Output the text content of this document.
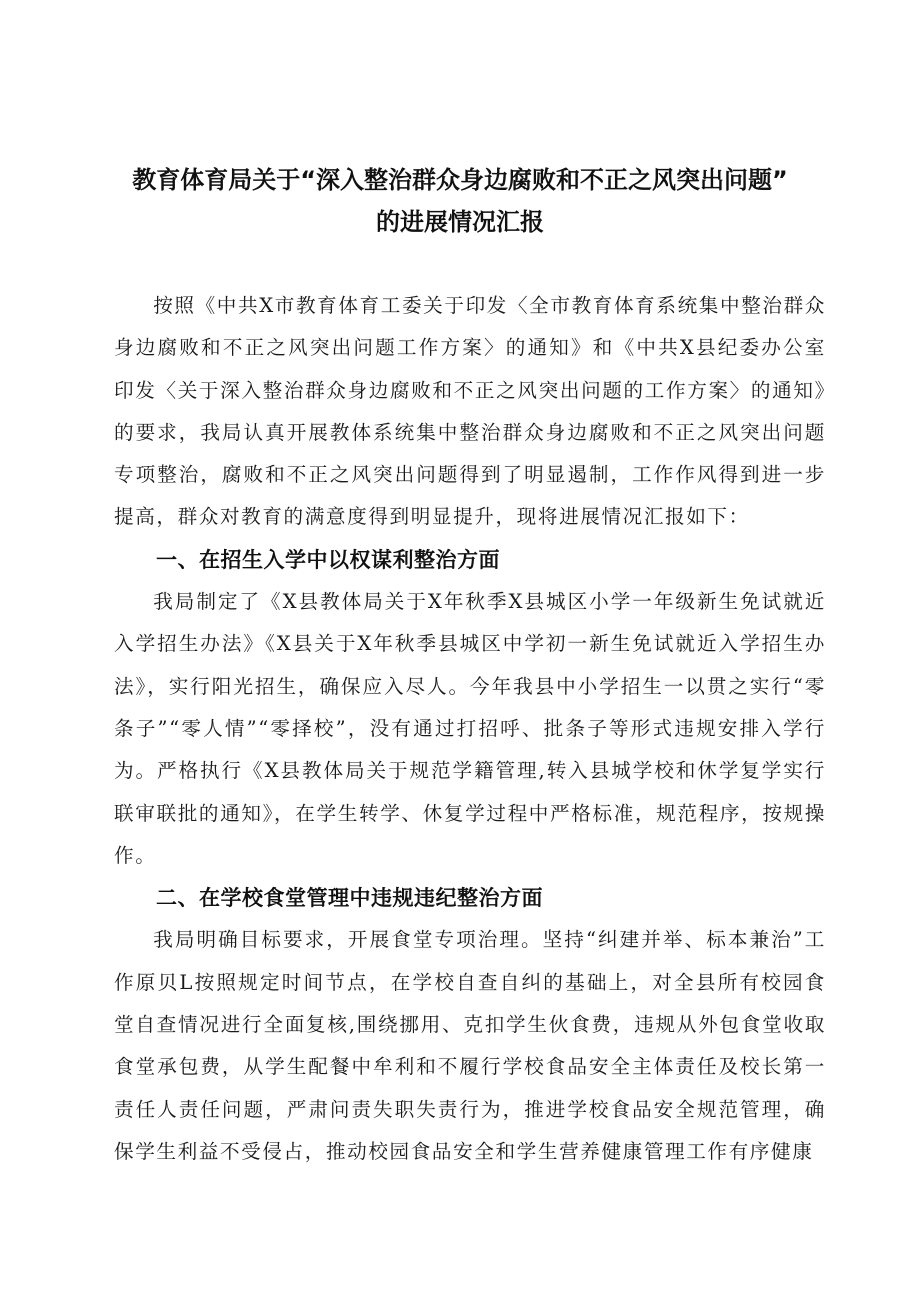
教育体育局关于“深入整治群众身边腐败和不正之风突出问题”
的进展情况汇报

按照《中共X市教育体育工委关于印发〈全市教育体育系统集中整治群众身边腐败和不正之风突出问题工作方案〉的通知》和《中共X县纪委办公室印发〈关于深入整治群众身边腐败和不正之风突出问题的工作方案〉的通知》的要求，我局认真开展教体系统集中整治群众身边腐败和不正之风突出问题专项整治，腐败和不正之风突出问题得到了明显遏制，工作作风得到进一步提高，群众对教育的满意度得到明显提升，现将进展情况汇报如下：

一、在招生入学中以权谋利整治方面

我局制定了《X县教体局关于X年秋季X县城区小学一年级新生免试就近入学招生办法》《X县关于X年秋季县城区中学初一新生免试就近入学招生办法》，实行阳光招生，确保应入尽人。今年我县中小学招生一以贯之实行“零条子”“零人情”“零择校”，没有通过打招呼、批条子等形式违规安排入学行为。严格执行《X县教体局关于规范学籍管理,转入县城学校和休学复学实行联审联批的通知》，在学生转学、休复学过程中严格标准，规范程序，按规操作。

二、在学校食堂管理中违规违纪整治方面

我局明确目标要求，开展食堂专项治理。坚持“纠建并举、标本兼治”工作原贝L按照规定时间节点，在学校自查自纠的基础上，对全县所有校园食堂自查情况进行全面复核,围绕挪用、克扣学生伙食费，违规从外包食堂收取食堂承包费，从学生配餐中牟利和不履行学校食品安全主体责任及校长第一责任人责任问题，严肃问责失职失责行为，推进学校食品安全规范管理，确保学生利益不受侵占，推动校园食品安全和学生营养健康管理工作有序健康
